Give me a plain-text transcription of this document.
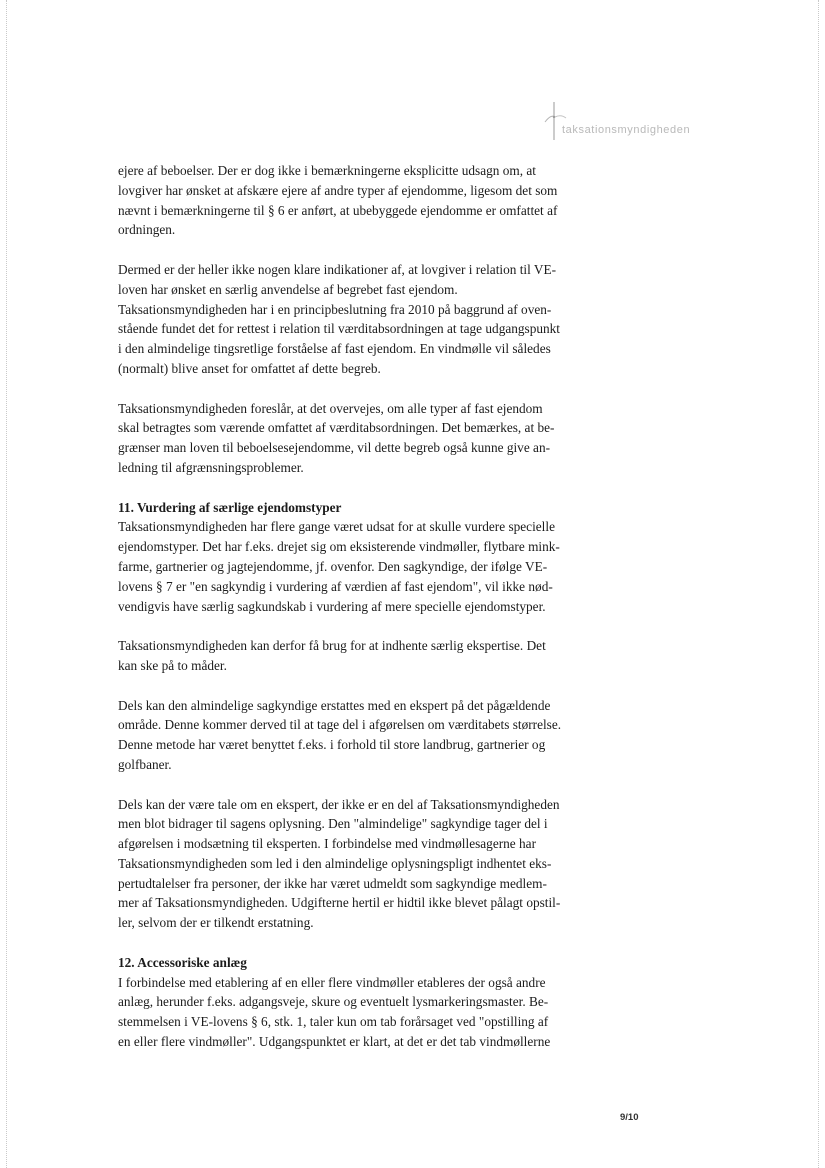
taksationsmyndigheden

ejere af beboelser. Der er dog ikke i bemærkningerne eksplicitte udsagn om, at
lovgiver har ønsket at afskære ejere af andre typer af ejendomme, ligesom det som
nævnt i bemærkningerne til § 6 er anført, at ubebyggede ejendomme er omfattet af
ordningen.

Dermed er der heller ikke nogen klare indikationer af, at lovgiver i relation til VE-
loven har ønsket en særlig anvendelse af begrebet fast ejendom.
Taksationsmyndigheden har i en principbeslutning fra 2010 på baggrund af oven-
stående fundet det for rettest i relation til værditabsordningen at tage udgangspunkt
i den almindelige tingsretlige forståelse af fast ejendom. En vindmølle vil således
(normalt) blive anset for omfattet af dette begreb.

Taksationsmyndigheden foreslår, at det overvejes, om alle typer af fast ejendom
skal betragtes som værende omfattet af værditabsordningen. Det bemærkes, at be-
grænser man loven til beboelsesejendomme, vil dette begreb også kunne give an-
ledning til afgrænsningsproblemer.

11. Vurdering af særlige ejendomstyper

Taksationsmyndigheden har flere gange været udsat for at skulle vurdere specielle
ejendomstyper. Det har f.eks. drejet sig om eksisterende vindmøller, flytbare mink-
farme, gartnerier og jagtejendomme, jf. ovenfor. Den sagkyndige, der ifølge VE-
lovens § 7 er "en sagkyndig i vurdering af værdien af fast ejendom", vil ikke nød-
vendigvis have særlig sagkundskab i vurdering af mere specielle ejendomstyper.

Taksationsmyndigheden kan derfor få brug for at indhente særlig ekspertise. Det
kan ske på to måder.

Dels kan den almindelige sagkyndige erstattes med en ekspert på det pågældende
område. Denne kommer derved til at tage del i afgørelsen om værditabets størrelse.
Denne metode har været benyttet f.eks. i forhold til store landbrug, gartnerier og
golfbaner.

Dels kan der være tale om en ekspert, der ikke er en del af Taksationsmyndigheden
men blot bidrager til sagens oplysning. Den "almindelige" sagkyndige tager del i
afgørelsen i modsætning til eksperten. I forbindelse med vindmøllesagerne har
Taksationsmyndigheden som led i den almindelige oplysningspligt indhentet eks-
pertudtalelser fra personer, der ikke har været udmeldt som sagkyndige medlem-
mer af Taksationsmyndigheden. Udgifterne hertil er hidtil ikke blevet pålagt opstil-
ler, selvom der er tilkendt erstatning.

12. Accessoriske anlæg

I forbindelse med etablering af en eller flere vindmøller etableres der også andre
anlæg, herunder f.eks. adgangsveje, skure og eventuelt lysmarkeringsmaster. Be-
stemmelsen i VE-lovens § 6, stk. 1, taler kun om tab forårsaget ved "opstilling af
en eller flere vindmøller". Udgangspunktet er klart, at det er det tab vindmøllerne

9/10
